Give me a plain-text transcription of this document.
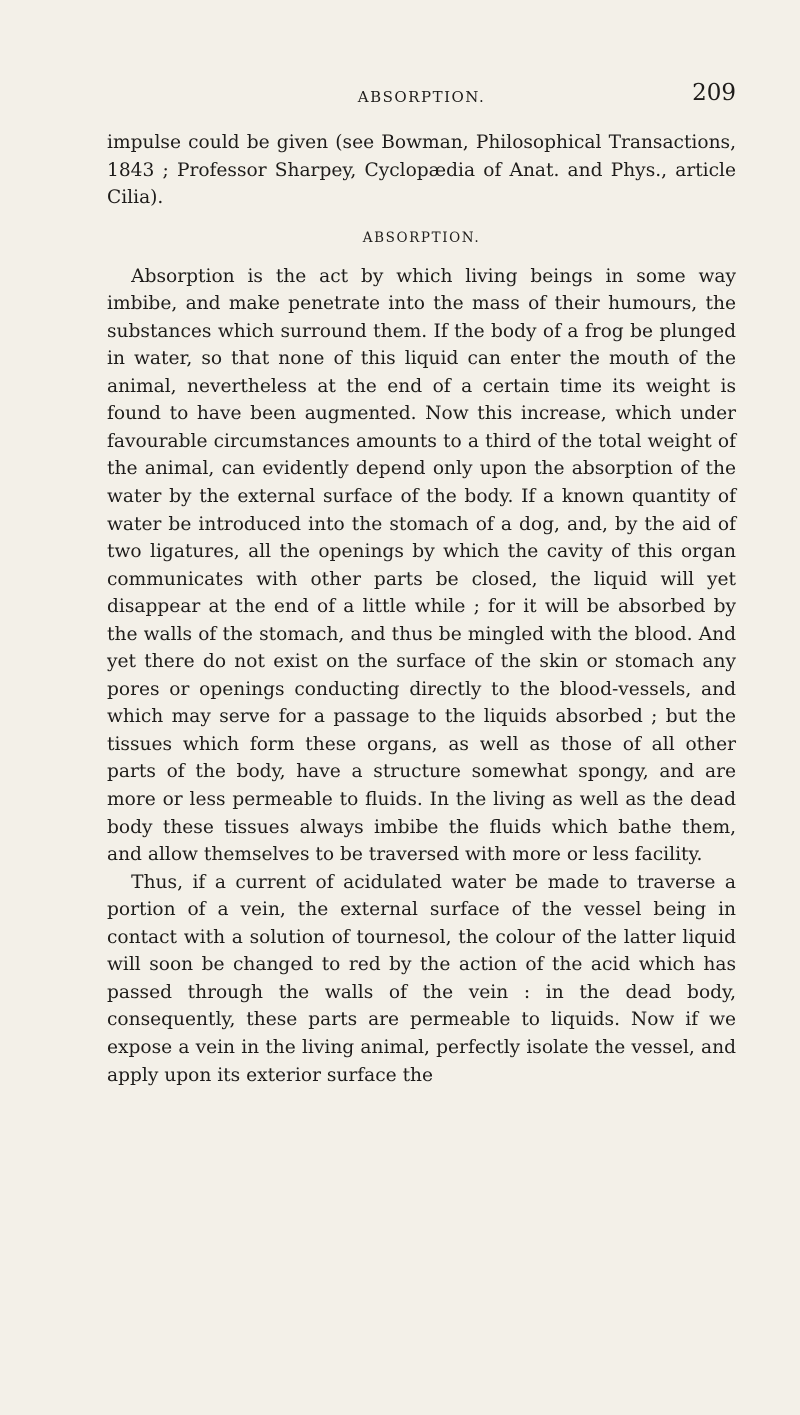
ABSORPTION.	209

impulse could be given (see Bowman, Philosophical Transactions, 1843 ; Professor Sharpey, Cyclopædia of Anat. and Phys., article Cilia).

ABSORPTION.

Absorption is the act by which living beings in some way imbibe, and make penetrate into the mass of their humours, the substances which surround them. If the body of a frog be plunged in water, so that none of this liquid can enter the mouth of the animal, nevertheless at the end of a certain time its weight is found to have been augmented. Now this increase, which under favourable circumstances amounts to a third of the total weight of the animal, can evidently depend only upon the absorption of the water by the external surface of the body. If a known quantity of water be introduced into the stomach of a dog, and, by the aid of two ligatures, all the openings by which the cavity of this organ communicates with other parts be closed, the liquid will yet disappear at the end of a little while ; for it will be absorbed by the walls of the stomach, and thus be mingled with the blood. And yet there do not exist on the surface of the skin or stomach any pores or openings conducting directly to the blood-vessels, and which may serve for a passage to the liquids absorbed ; but the tissues which form these organs, as well as those of all other parts of the body, have a structure somewhat spongy, and are more or less permeable to fluids. In the living as well as the dead body these tissues always imbibe the fluids which bathe them, and allow themselves to be traversed with more or less facility.

Thus, if a current of acidulated water be made to traverse a portion of a vein, the external surface of the vessel being in contact with a solution of tournesol, the colour of the latter liquid will soon be changed to red by the action of the acid which has passed through the walls of the vein : in the dead body, consequently, these parts are permeable to liquids. Now if we expose a vein in the living animal, perfectly isolate the vessel, and apply upon its exterior surface the
